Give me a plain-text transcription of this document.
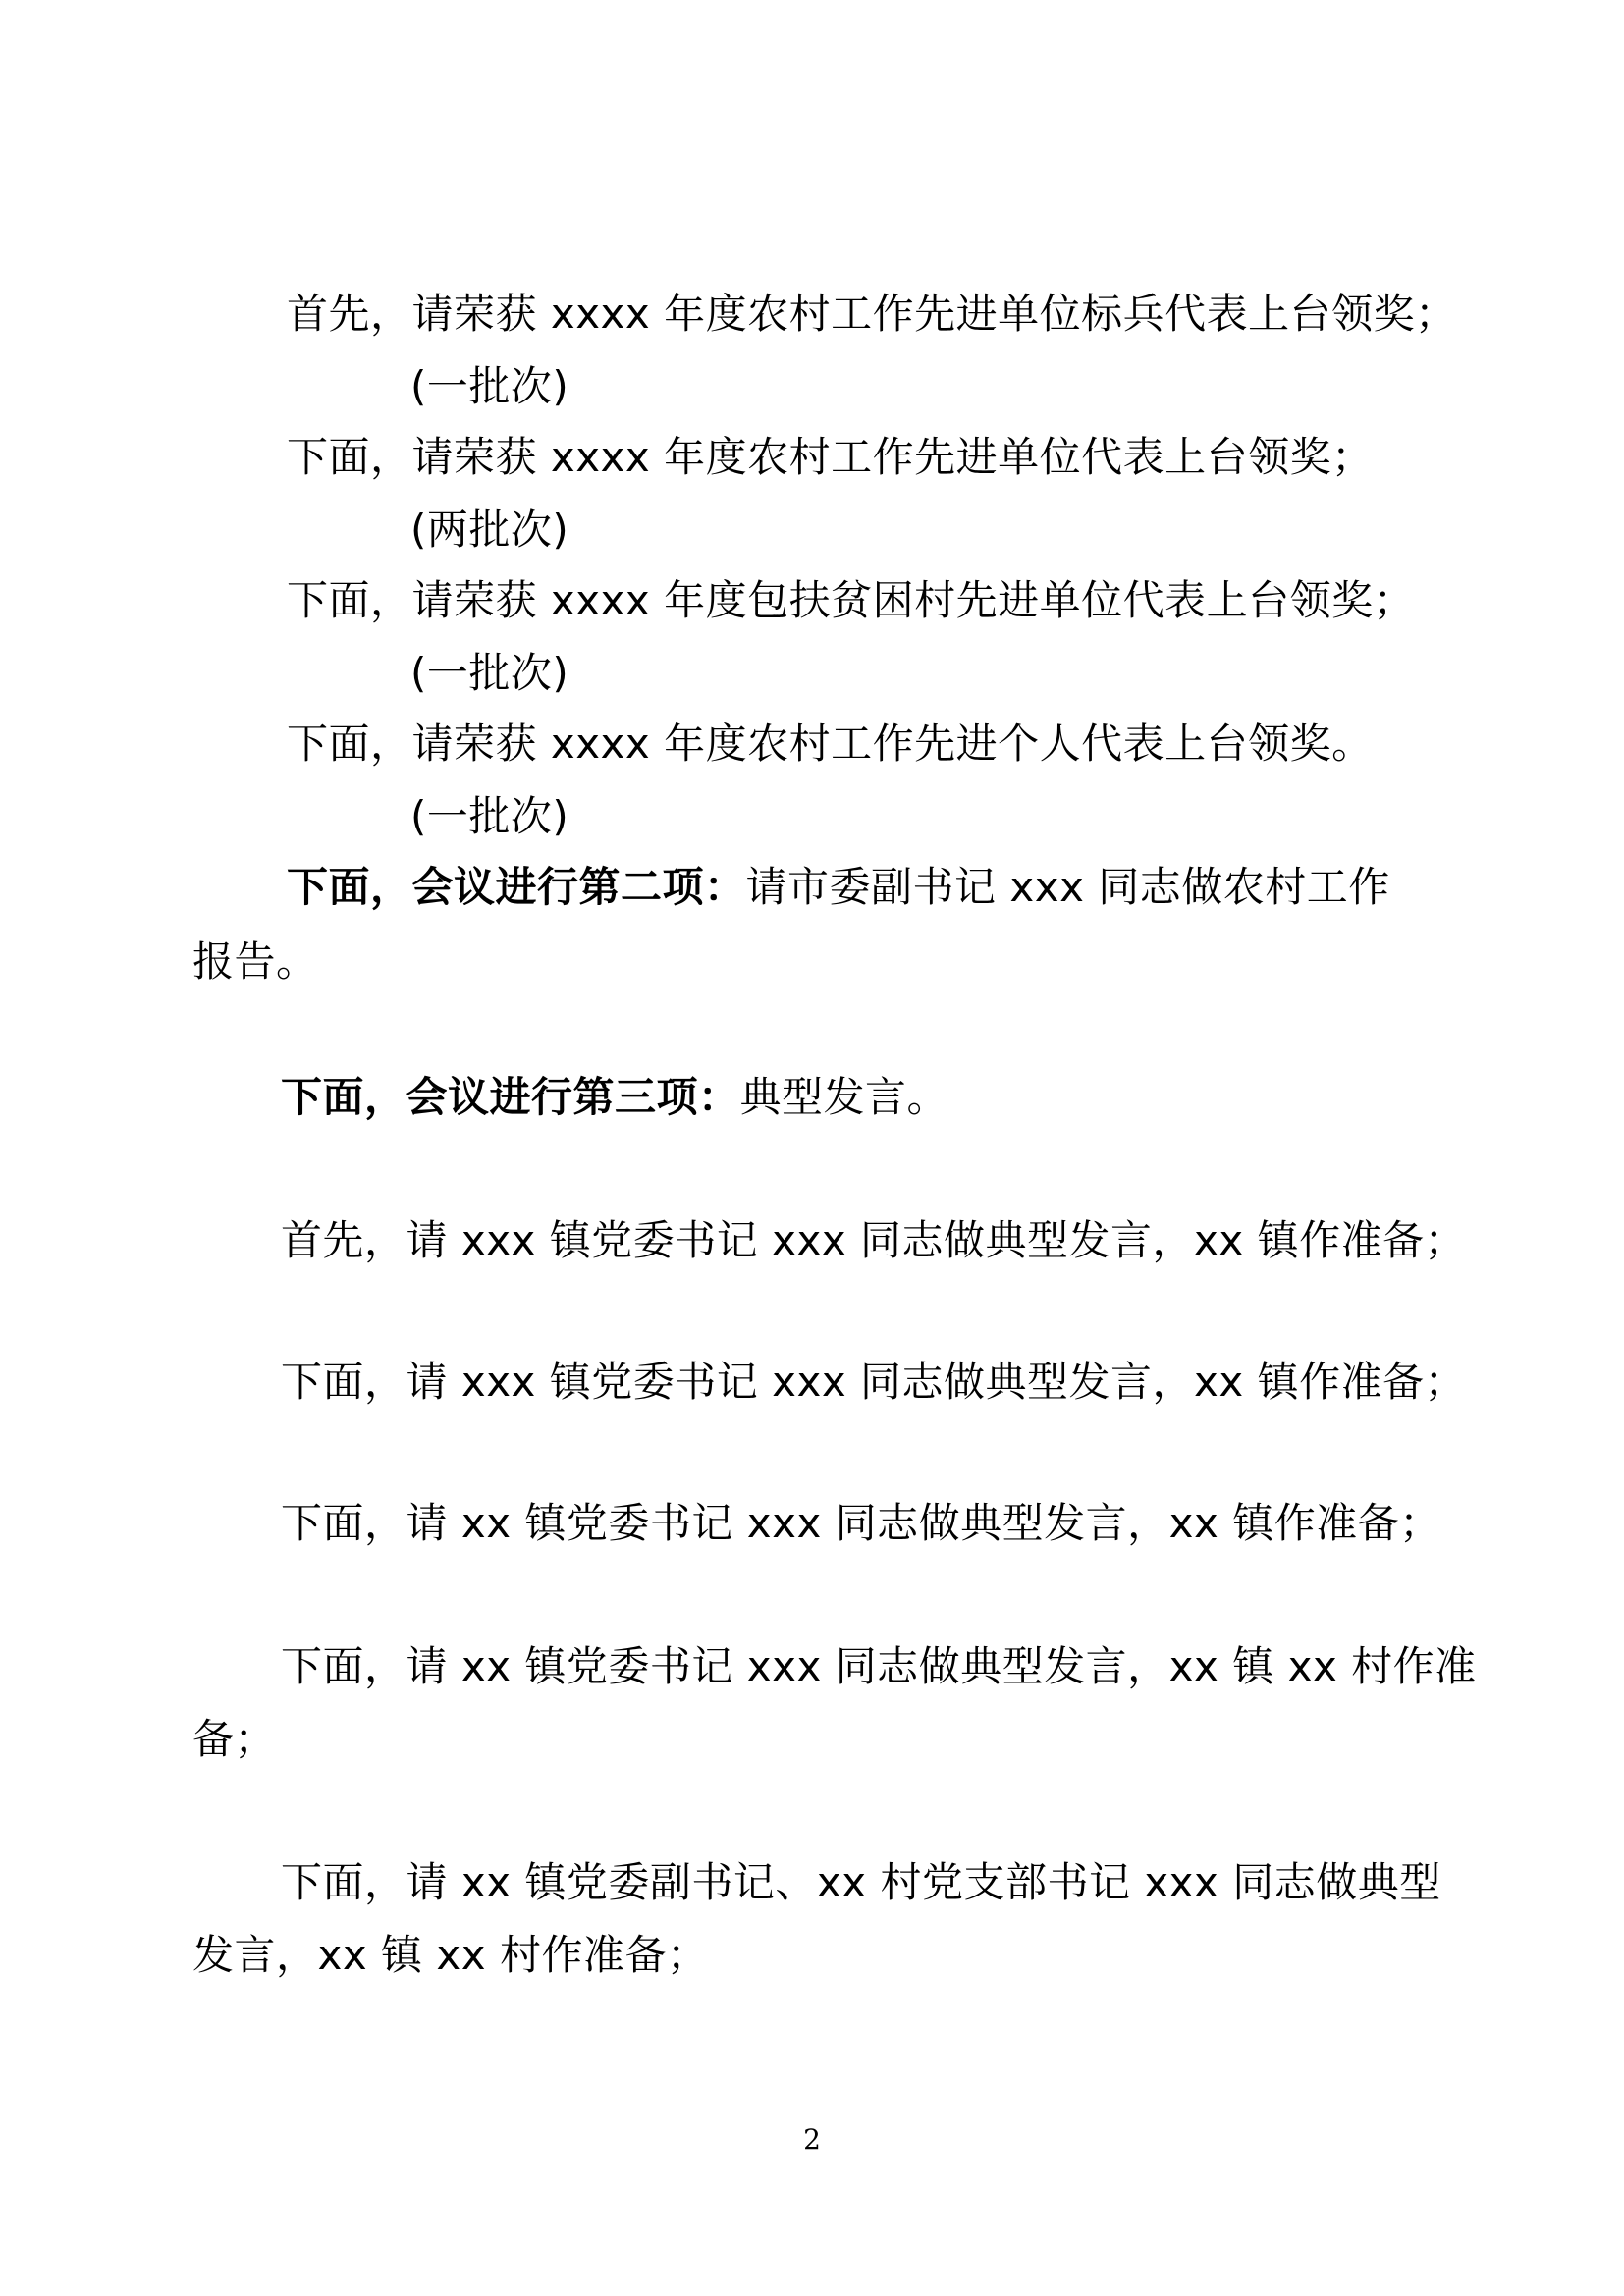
首先，请荣获 xxxx 年度农村工作先进单位标兵代表上台领奖；
(一批次)
下面，请荣获 xxxx 年度农村工作先进单位代表上台领奖；
(两批次)
下面，请荣获 xxxx 年度包扶贫困村先进单位代表上台领奖；
(一批次)
下面，请荣获 xxxx 年度农村工作先进个人代表上台领奖。
(一批次)
下面，会议进行第二项：请市委副书记 xxx 同志做农村工作
报告。
下面，会议进行第三项：典型发言。
首先，请 xxx 镇党委书记 xxx 同志做典型发言，xx 镇作准备；
下面，请 xxx 镇党委书记 xxx 同志做典型发言，xx 镇作准备；
下面，请 xx 镇党委书记 xxx 同志做典型发言，xx 镇作准备；
下面，请 xx 镇党委书记 xxx 同志做典型发言，xx 镇 xx 村作准
备；
下面，请 xx 镇党委副书记、xx 村党支部书记 xxx 同志做典型
发言，xx 镇 xx 村作准备；
2
